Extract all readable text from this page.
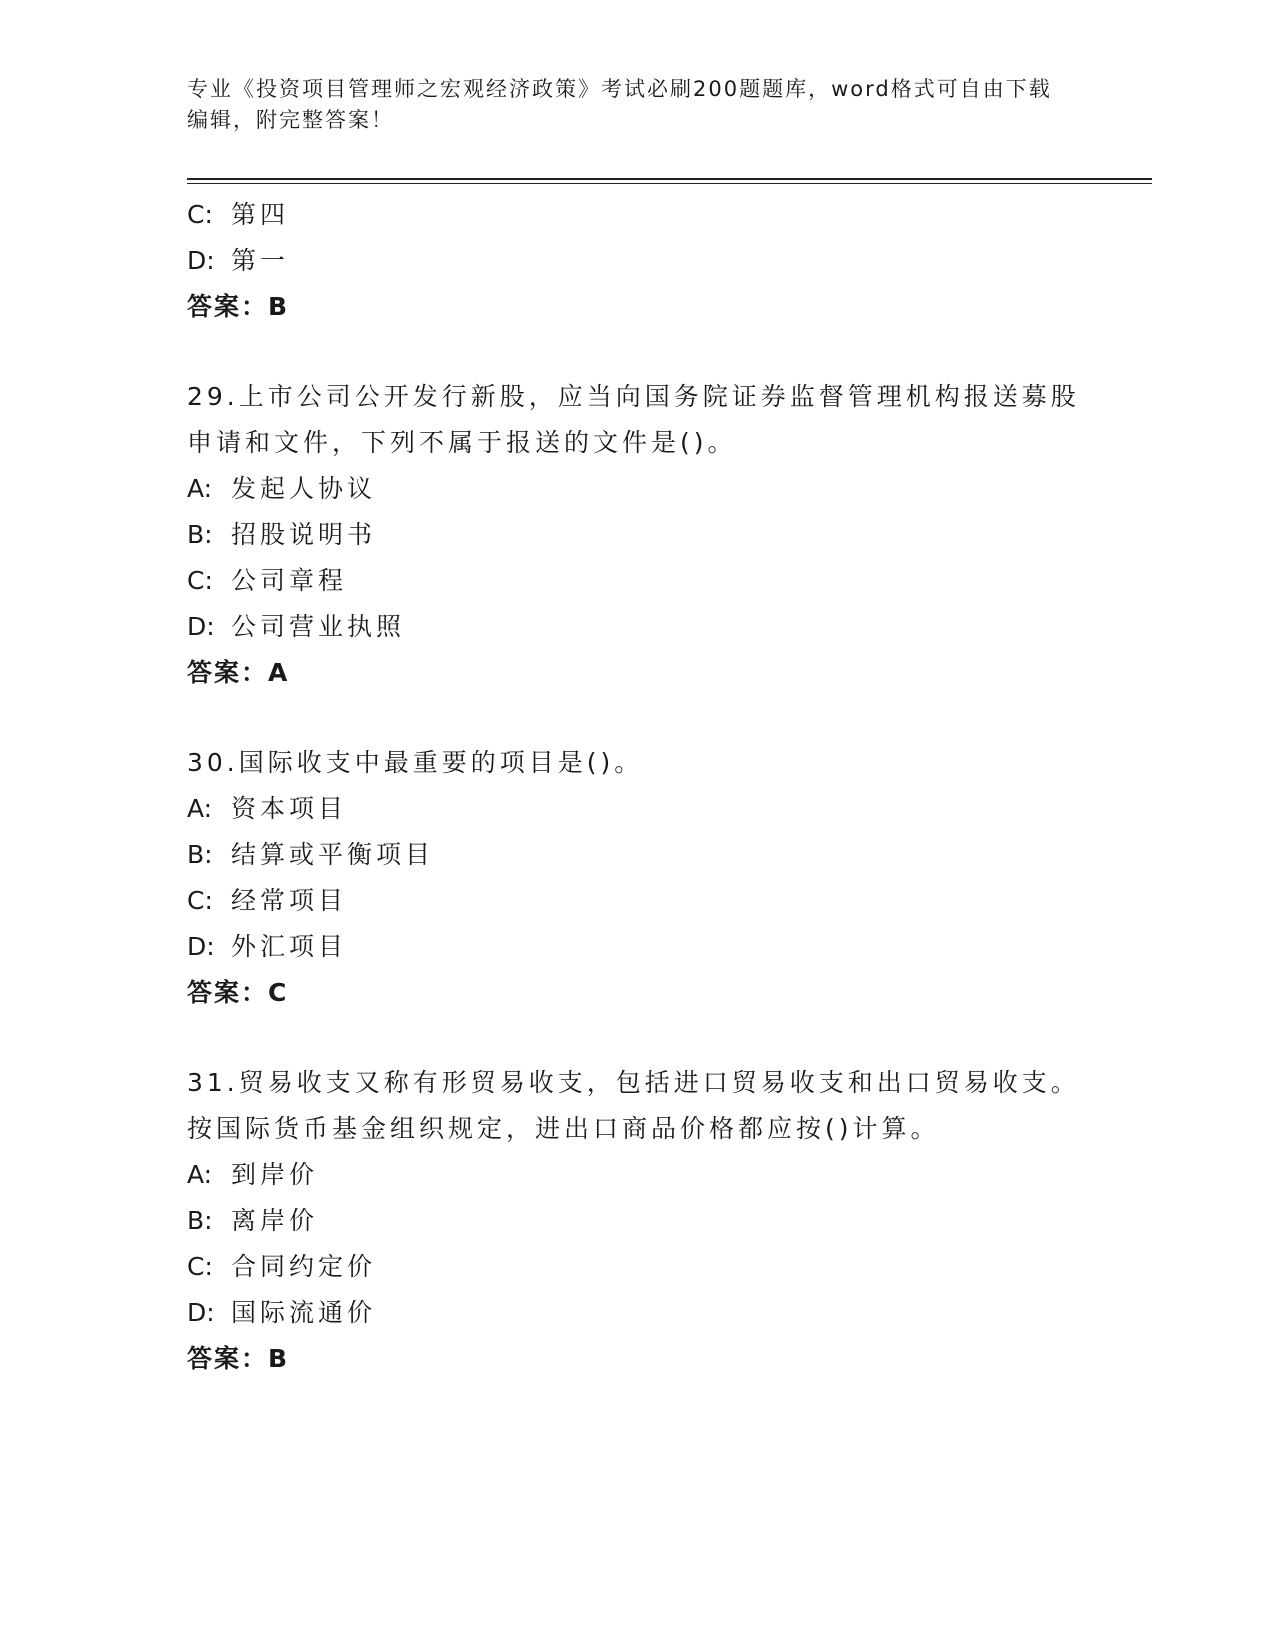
专业《投资项目管理师之宏观经济政策》考试必刷200题题库，word格式可自由下载编辑，附完整答案！
C: 第四
D: 第一
答案：B
29.上市公司公开发行新股，应当向国务院证券监督管理机构报送募股申请和文件，下列不属于报送的文件是()。
A: 发起人协议
B: 招股说明书
C: 公司章程
D: 公司营业执照
答案：A
30.国际收支中最重要的项目是()。
A: 资本项目
B: 结算或平衡项目
C: 经常项目
D: 外汇项目
答案：C
31.贸易收支又称有形贸易收支，包括进口贸易收支和出口贸易收支。按国际货币基金组织规定，进出口商品价格都应按()计算。
A: 到岸价
B: 离岸价
C: 合同约定价
D: 国际流通价
答案：B
